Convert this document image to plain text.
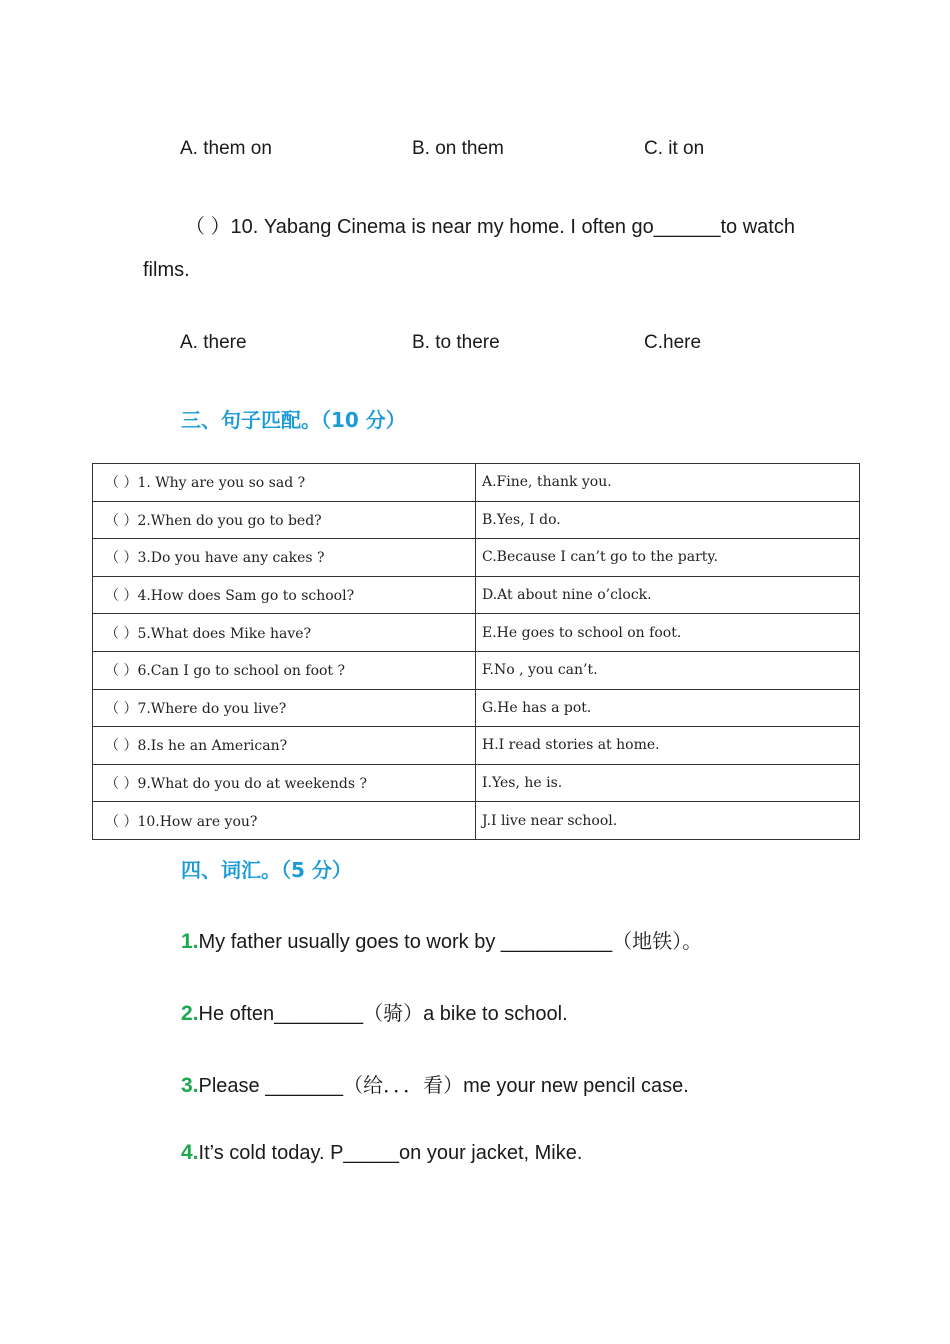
A. them on	B. on them	C. it on
（ ）10. Yabang Cinema is near my home. I often go______to watch
films.
A. there	B. to there	C.here
三、句子匹配。（10 分）
（ ）1. Why are you so sad ?	A.Fine, thank you.
（ ）2.When do you go to bed?	B.Yes, I do.
（ ）3.Do you have any cakes ?	C.Because I can’t go to the party.
（ ）4.How does Sam go to school?	D.At about nine o’clock.
（ ）5.What does Mike have?	E.He goes to school on foot.
（ ）6.Can I go to school on foot ?	F.No , you can’t.
（ ）7.Where do you live?	G.He has a pot.
（ ）8.Is he an American?	H.I read stories at home.
（ ）9.What do you do at weekends ?	I.Yes, he is.
（ ）10.How are you?	J.I live near school.
四、词汇。（5 分）
1.My father usually goes to work by __________（地铁）。
2.He often________（骑）a bike to school.
3.Please _______（给．．．看）me your new pencil case.
4.It’s cold today. P_____on your jacket, Mike.
